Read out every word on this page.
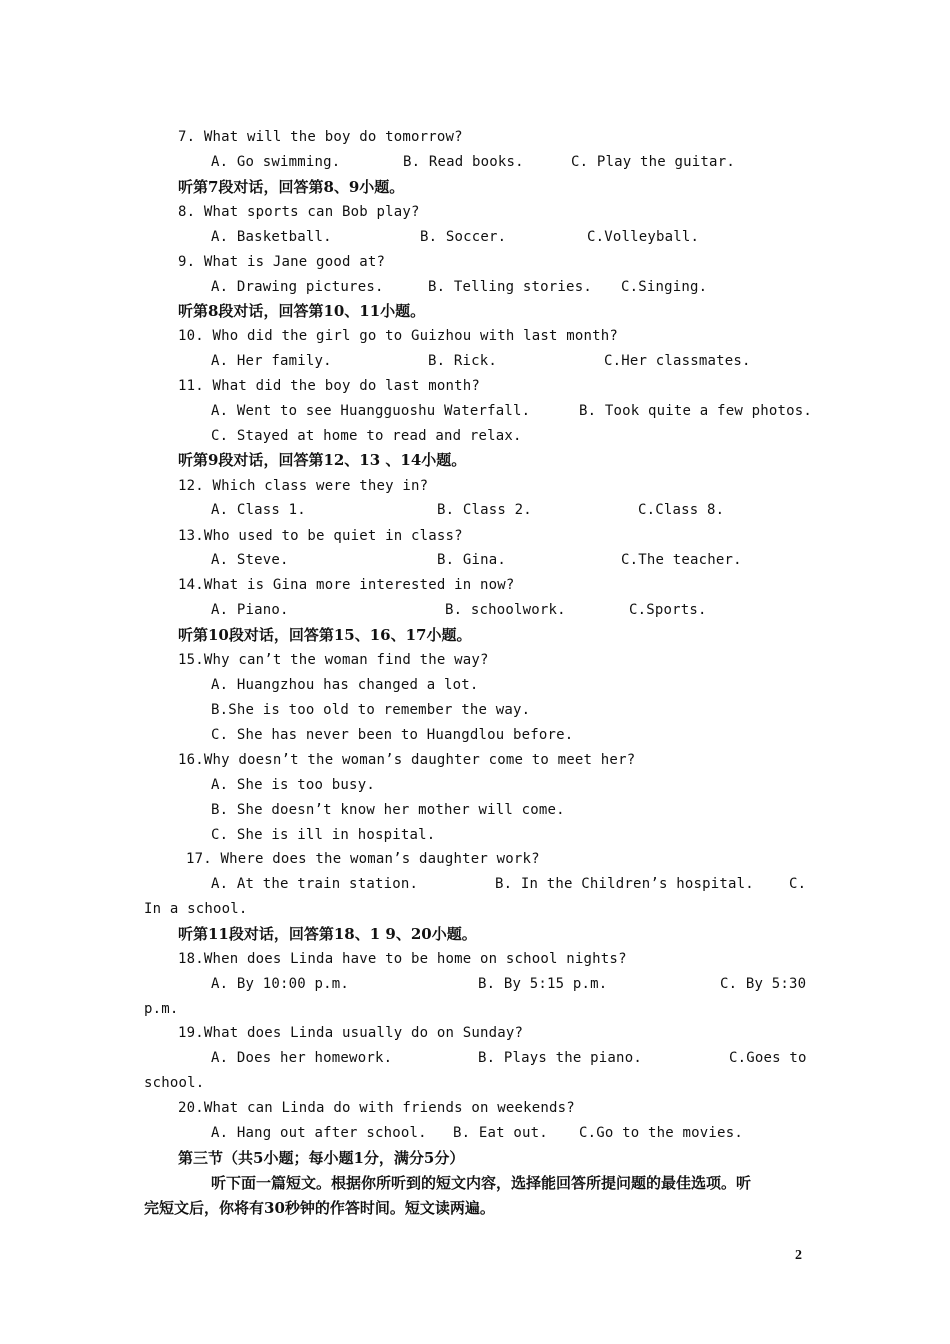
7. What will the boy do tomorrow?
A. Go swimming.	B. Read books.	C. Play the guitar.
听第7段对话，回答第8、9小题。
8. What sports can Bob play?
A. Basketball.	B. Soccer.	C.Volleyball.
9. What is Jane good at?
A. Drawing pictures.	B. Telling stories. C.Singing.
听第8段对话，回答第10、11小题。
10. Who did the girl go to Guizhou with last month?
A. Her family.	B. Rick.	C.Her classmates.
11. What did the boy do last month?
A. Went to see Huangguoshu Waterfall.	B. Took quite a few photos.
C. Stayed at home to read and relax.
听第9段对话，回答第12、13 、14小题。
12. Which class were they in?
A. Class 1.	B. Class 2.	C.Class 8.
13.Who used to be quiet in class?
A. Steve.	B. Gina.	C.The teacher.
14.What is Gina more interested in now?
A. Piano.	B. schoolwork.	C.Sports.
听第10段对话，回答第15、16、17小题。
15.Why can’t the woman find the way?
A. Huangzhou has changed a lot.
B.She is too old to remember the way.
C. She has never been to Huangdlou before.
16.Why doesn’t the woman’s daughter come to meet her?
A. She is too busy.
B. She doesn’t know her mother will come.
C. She is ill in hospital.
17. Where does the woman’s daughter work?
A. At the train station.	B. In the Children’s hospital.	C.
In a school.
听第11段对话，回答第18、1 9、20小题。
18.When does Linda have to be home on school nights?
A. By 10:00 p.m.	B. By 5:15 p.m.	C. By 5:30
p.m.
19.What does Linda usually do on Sunday?
A. Does her homework.	B. Plays the piano.	C.Goes to
school.
20.What can Linda do with friends on weekends?
A. Hang out after school. B. Eat out. C.Go to the movies.
第三节（共5小题；每小题1分，满分5分）
听下面一篇短文。根据你所听到的短文内容，选择能回答所提问题的最佳选项。听
完短文后，你将有30秒钟的作答时间。短文读两遍。
2
